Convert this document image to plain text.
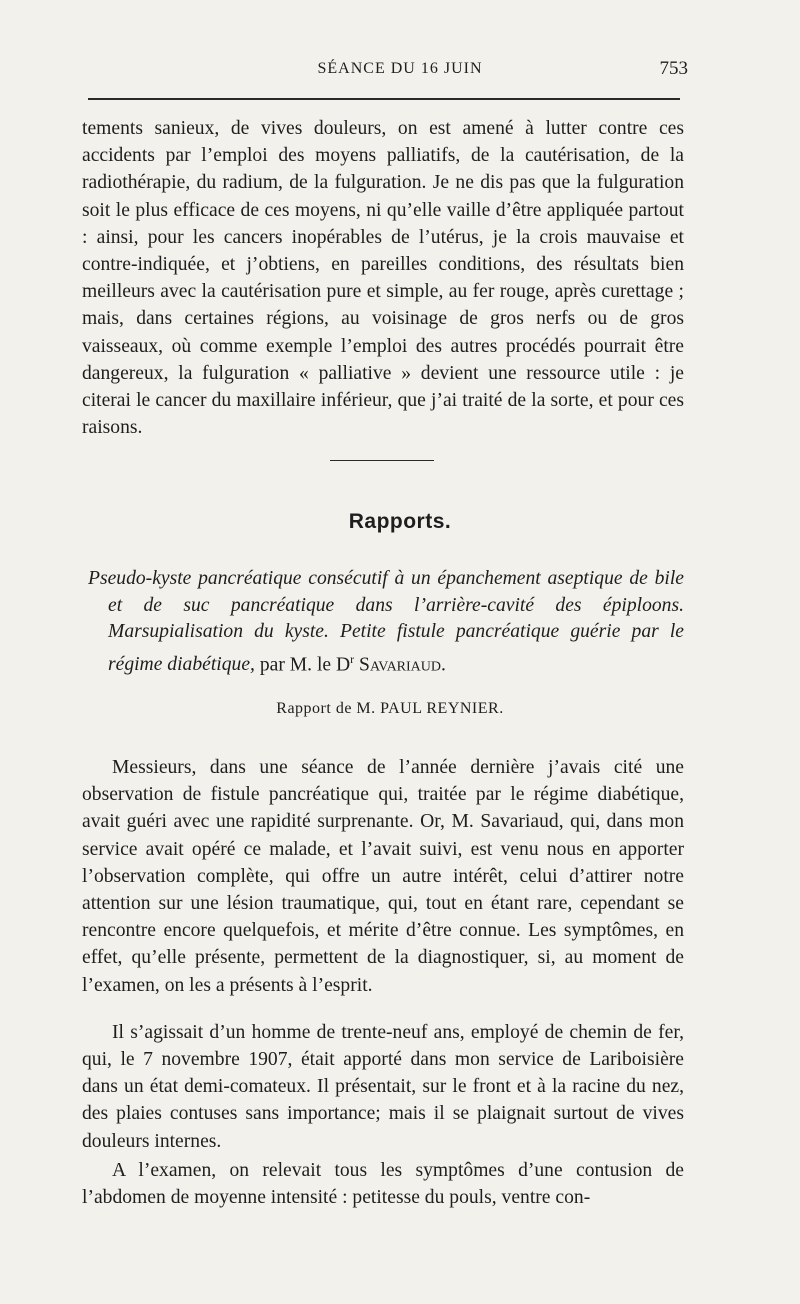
SÉANCE DU 16 JUIN	753

tements sanieux, de vives douleurs, on est amené à lutter contre ces accidents par l’emploi des moyens palliatifs, de la cautérisation, de la radiothérapie, du radium, de la fulguration. Je ne dis pas que la fulguration soit le plus efficace de ces moyens, ni qu’elle vaille d’être appliquée partout : ainsi, pour les cancers inopérables de l’utérus, je la crois mauvaise et contre-indiquée, et j’obtiens, en pareilles conditions, des résultats bien meilleurs avec la cautérisation pure et simple, au fer rouge, après curettage ; mais, dans certaines régions, au voisinage de gros nerfs ou de gros vaisseaux, où comme exemple l’emploi des autres procédés pourrait être dangereux, la fulguration « palliative » devient une ressource utile : je citerai le cancer du maxillaire inférieur, que j’ai traité de la sorte, et pour ces raisons.

Rapports.
Pseudo-kyste pancréatique consécutif à un épanchement aseptique de bile et de suc pancréatique dans l’arrière-cavité des épiploons. Marsupialisation du kyste. Petite fistule pancréatique guérie par le régime diabétique, par M. le $D^r$ Savariaud.
Rapport de M. PAUL REYNIER.

Messieurs, dans une séance de l’année dernière j’avais cité une observation de fistule pancréatique qui, traitée par le régime diabétique, avait guéri avec une rapidité surprenante. Or, M. Savariaud, qui, dans mon service avait opéré ce malade, et l’avait suivi, est venu nous en apporter l’observation complète, qui offre un autre intérêt, celui d’attirer notre attention sur une lésion traumatique, qui, tout en étant rare, cependant se rencontre encore quelquefois, et mérite d’être connue. Les symptômes, en effet, qu’elle présente, permettent de la diagnostiquer, si, au moment de l’examen, on les a présents à l’esprit.

Il s’agissait d’un homme de trente-neuf ans, employé de chemin de fer, qui, le 7 novembre 1907, était apporté dans mon service de Lariboisière dans un état demi-comateux. Il présentait, sur le front et à la racine du nez, des plaies contuses sans importance; mais il se plaignait surtout de vives douleurs internes.

A l’examen, on relevait tous les symptômes d’une contusion de l’abdomen de moyenne intensité : petitesse du pouls, ventre con-
